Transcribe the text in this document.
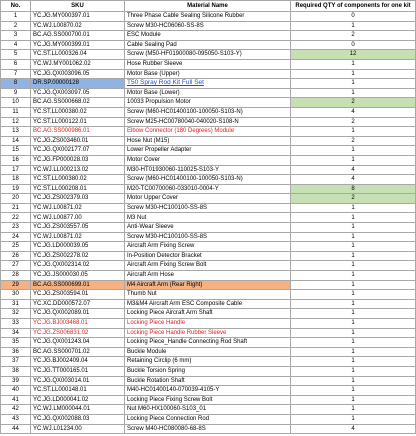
No.	SKU	Material Name	Required QTY of components for one kit
1	YC.JG.MY000397.01	Three Phase Cable Sealing Silicone Rubber	0
2	YC.WJ.L00870.02	Screw M30-HC06060-SS-8S	1
3	BC.AG.SS000700.01	ESC Module	2
4	YC.JG.MY000399.01	Cable Sealing Pad	0
5	YC.ST.LL000326.04	Screw (M50-HF01900080-095050-S103-Y)	12
6	YC.WJ.MY001062.02	Hose Rubber Sleeve	1
7	YC.JG.QX003096.05	Motor Base (Upper)	1
8	DR.SP.00000128	T50 Spray Rod Kit Full Set	1
9	YC.JG.QX003097.05	Motor Base (Lower)	1
10	BC.AG.SS000668.02	10033 Propulsion Motor	2
11	YC.ST.LL000380.02	Screw (M60-HC01400100-100050-S103-N)	4
12	YC.ST.LL000122.01	Screw M25-HC00780040-040020-S108-N	2
13	BC.AG.SS000986.01	Elbow Connector (180 Degrees) Module	1
14	YC.JG.ZS003460.01	Hose Nut (M15)	2
15	YC.JG.QX002177.07	Lower Propeller Adapter	1
16	YC.JG.FP000028.03	Motor Cover	1
17	YC.WJ.LL000213.02	M30-HT01930060-110025-S103-Y	4
18	YC.ST.LL000380.02	Screw (M60-HC01400100-100050-S103-N)	4
19	YC.ST.LL000208.01	M20-TC00700060-033010-0004-Y	8
20	YC.JG.ZS002379.03	Motor Upper Cover	2
21	YC.WJ.L00871.02	Screw M30-HC100100-SS-8S	1
22	YC.WJ.L00877.00	M3 Nut	1
23	YC.JG.ZS003557.05	Anti-Wear Sleeve	1
24	YC.WJ.L00871.02	Screw M30-HC100100-SS-8S	1
25	YC.JG.LD000039.05	Aircraft Arm Fixing Screw	1
26	YC.JG.ZS002278.02	In-Position Detector Bracket	1
27	YC.JG.QX002314.02	Aircraft Arm Fixing Screw Bolt	1
28	YC.JG.JS000030.05	Aircraft Arm Hose	1
29	BC.AG.SS000699.01	M4 Aircraft Arm (Rear Right)	1
30	YC.JG.ZS003594.01	Thumb Nut	1
31	YC.XC.DD000572.07	M3&M4 Aircraft Arm ESC Composite Cable	1
32	YC.JG.QX002089.01	Locking Piece Aircraft Arm Shaft	1
33	YC.JG.BJ003468.01	Locking Piece Handle	1
34	YC.JG.ZS006831.02	Locking Piece Handle Rubber Sleeve	1
35	YC.JG.QX001243.04	Locking Piece_Handle Connecting Rod Shaft	1
36	BC.AG.SS000701.02	Buckle Module	1
37	YC.JG.BJ002409.04	Retaining Circlip (6 mm)	1
38	YC.JG.TT000165.01	Buckle Torsion Spring	1
39	YC.JG.QX003014.01	Buckle Rotation Shaft	1
40	YC.ST.LL000148.01	M40-HC01400140-070039-4105-Y	1
41	YC.JG.LD000041.02	Locking Piece Fixing Screw Bolt	1
42	YC.WJ.LM000044.01	Nut M60-HX100060-S103_01	1
43	YC.JG.QX002088.03	Locking Piece Connection Rod	1
44	YC.WJ.L01234.00	Screw M40-HC080080-68-8S	4
